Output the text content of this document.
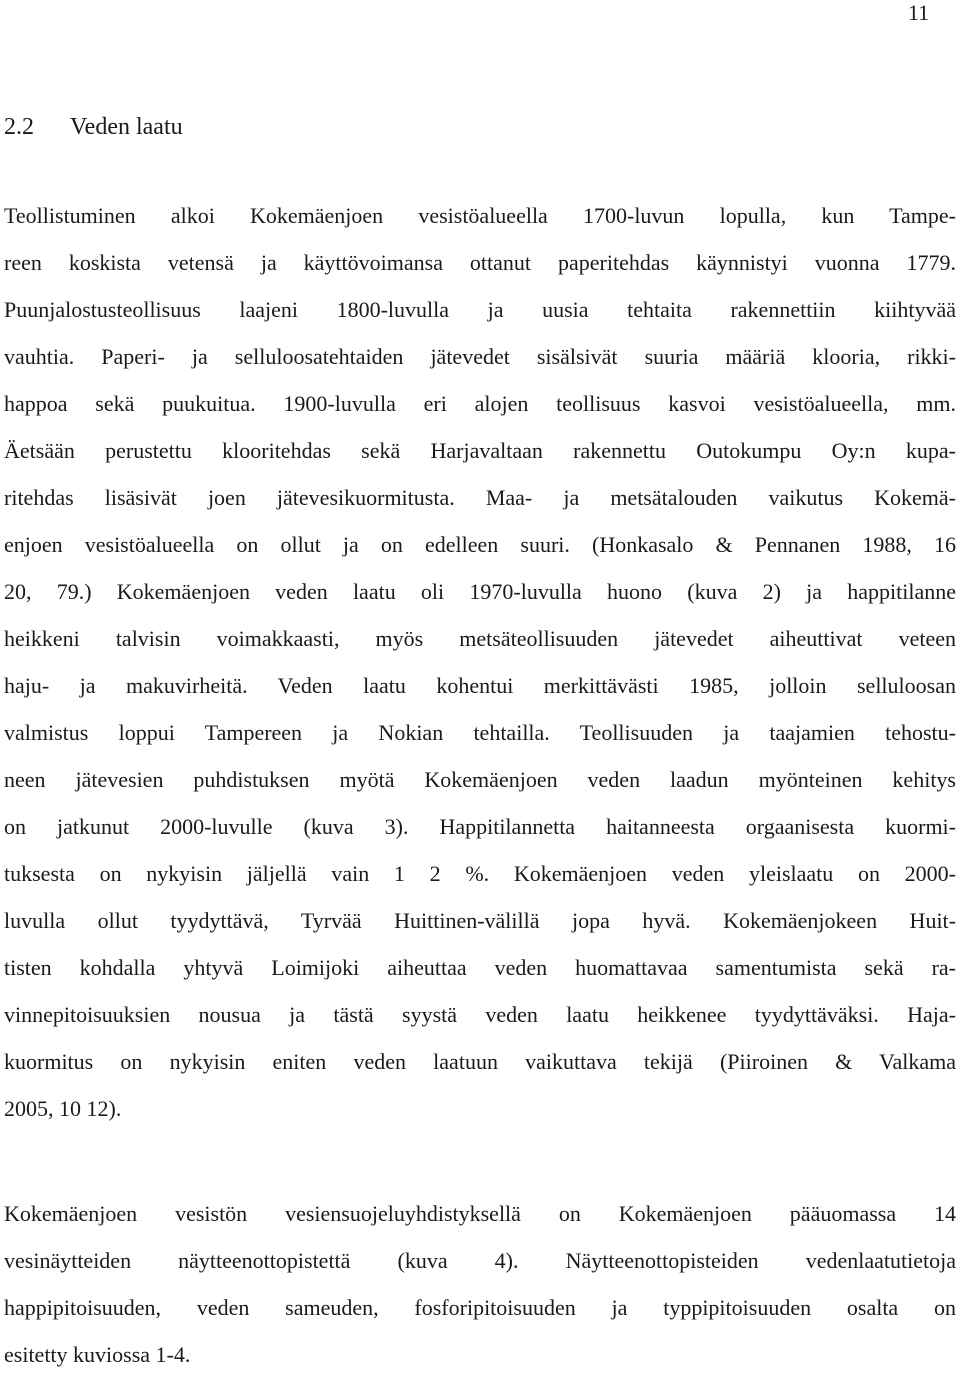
11
2.2 Veden laatu
Teollistuminen alkoi Kokemäenjoen vesistöalueella 1700-luvun lopulla, kun Tampe-
reen koskista vetensä ja käyttövoimansa ottanut paperitehdas käynnistyi vuonna 1779.
Puunjalostusteollisuus laajeni 1800-luvulla ja uusia tehtaita rakennettiin kiihtyvää
vauhtia. Paperi- ja selluloosatehtaiden jätevedet sisälsivät suuria määriä klooria, rikki-
happoa sekä puukuitua. 1900-luvulla eri alojen teollisuus kasvoi vesistöalueella, mm.
Äetsään perustettu klooritehdas sekä Harjavaltaan rakennettu Outokumpu Oy:n kupa-
ritehdas lisäsivät joen jätevesikuormitusta. Maa- ja metsätalouden vaikutus Kokemä-
enjoen vesistöalueella on ollut ja on edelleen suuri. (Honkasalo & Pennanen 1988, 16
20, 79.) Kokemäenjoen veden laatu oli 1970-luvulla huono (kuva 2) ja happitilanne
heikkeni talvisin voimakkaasti, myös metsäteollisuuden jätevedet aiheuttivat veteen
haju- ja makuvirheitä. Veden laatu kohentui merkittävästi 1985, jolloin selluloosan
valmistus loppui Tampereen ja Nokian tehtailla. Teollisuuden ja taajamien tehostu-
neen jätevesien puhdistuksen myötä Kokemäenjoen veden laadun myönteinen kehitys
on jatkunut 2000-luvulle (kuva 3). Happitilannetta haitanneesta orgaanisesta kuormi-
tuksesta on nykyisin jäljellä vain 1 2 %. Kokemäenjoen veden yleislaatu on 2000-
luvulla ollut tyydyttävä, Tyrvää Huittinen-välillä jopa hyvä. Kokemäenjokeen Huit-
tisten kohdalla yhtyvä Loimijoki aiheuttaa veden huomattavaa samentumista sekä ra-
vinnepitoisuuksien nousua ja tästä syystä veden laatu heikkenee tyydyttäväksi. Haja-
kuormitus on nykyisin eniten veden laatuun vaikuttava tekijä (Piiroinen & Valkama
2005, 10 12).
Kokemäenjoen vesistön vesiensuojeluyhdistyksellä on Kokemäenjoen pääuomassa 14
vesinäytteiden näytteenottopistettä (kuva 4). Näytteenottopisteiden vedenlaatutietoja
happipitoisuuden, veden sameuden, fosforipitoisuuden ja typpipitoisuuden osalta on
esitetty kuviossa 1-4.
